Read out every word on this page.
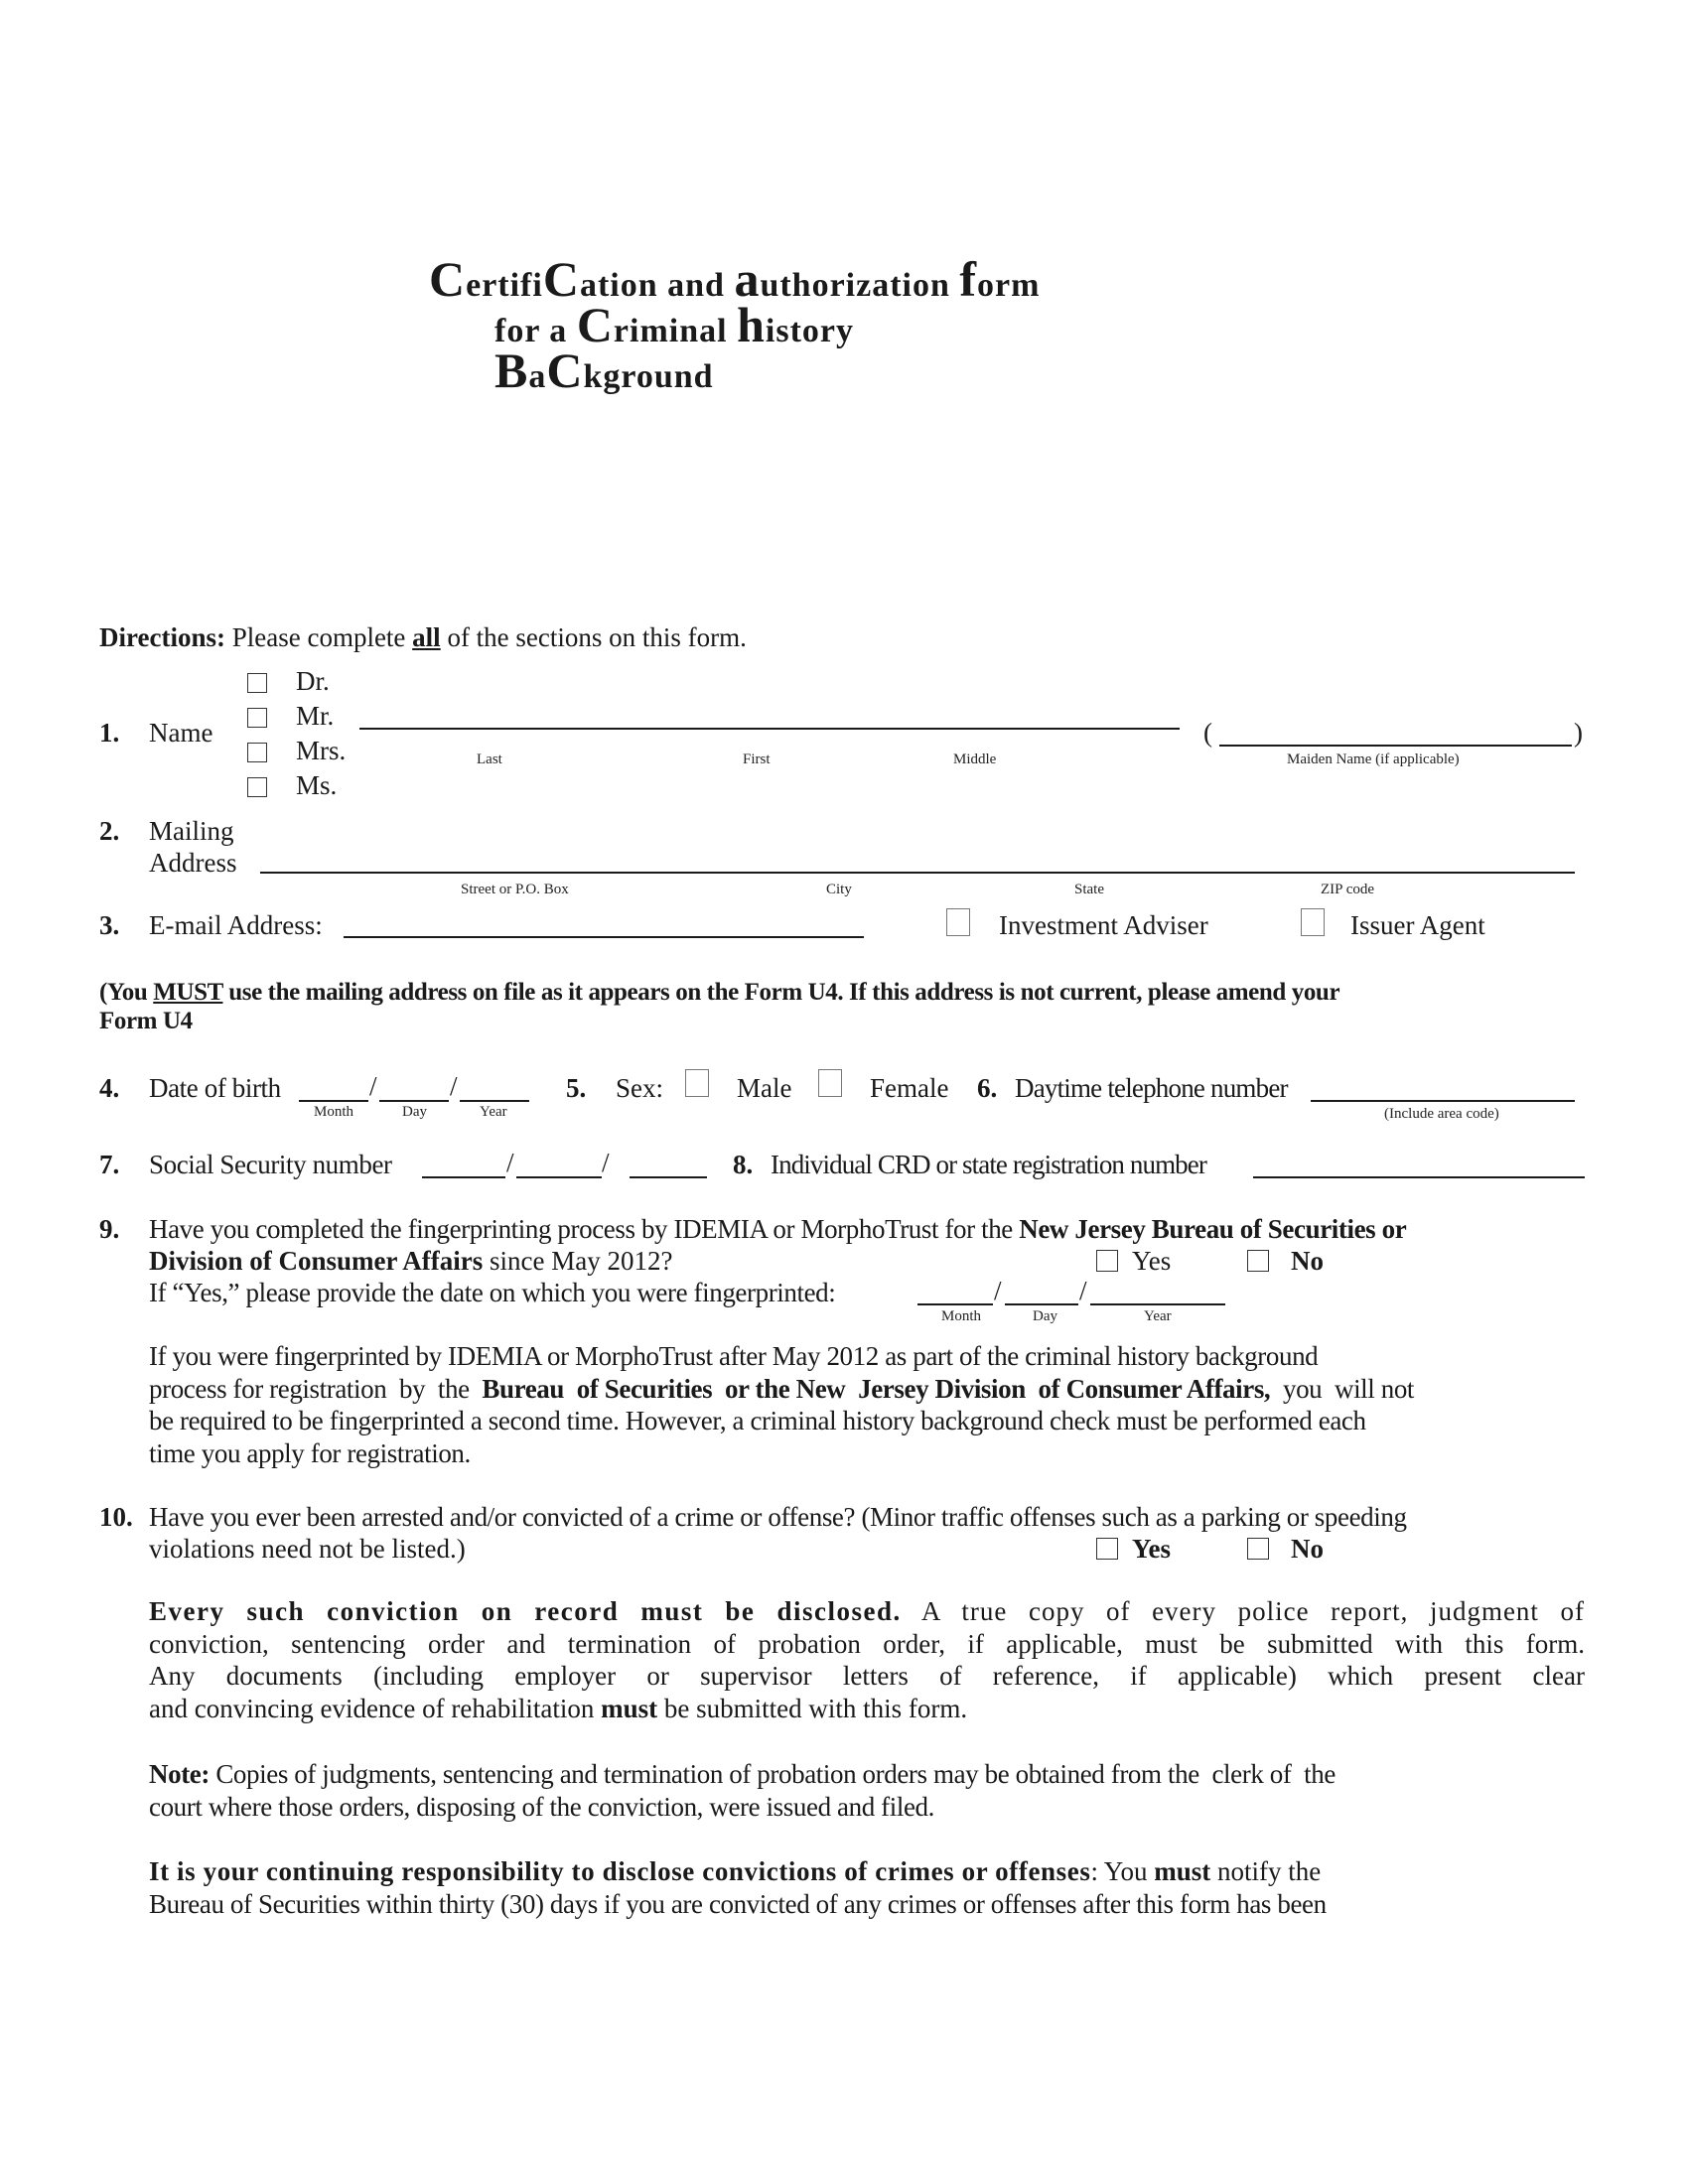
CertifiCation and authorization form
for a Criminal history
BaCkground
Directions: Please complete all of the sections on this form.
1. Name
Dr.
Mr.
Mrs.
Ms.
Last	First	Middle
(	)
Maiden Name (if applicable)
2. Mailing
Address
Street or P.O. Box	City	State	ZIP code
3. E-mail Address:	Investment Adviser	Issuer Agent
(You MUST use the mailing address on file as it appears on the Form U4. If this address is not current, please amend your
Form U4
4. Date of birth	/	/
Month	Day	Year
5. Sex:	Male	Female 6. Daytime telephone number
(Include area code)
7. Social Security number	/	/	8. Individual CRD or state registration number
9. Have you completed the fingerprinting process by IDEMIA or MorphoTrust for the New Jersey Bureau of Securities or
Division of Consumer Affairs since May 2012?	Yes	No
If “Yes,” please provide the date on which you were fingerprinted:	/	/
Month	Day	Year
If you were fingerprinted by IDEMIA or MorphoTrust after May 2012 as part of the criminal history background
process for registration  by  the  Bureau  of Securities  or the New  Jersey Division  of Consumer Affairs,  you  will not
be required to be fingerprinted a second time. However, a criminal history background check must be performed each
time you apply for registration.
10. Have you ever been arrested and/or convicted of a crime or offense? (Minor traffic offenses such as a parking or speeding
violations need not be listed.)	Yes	No
Every such conviction on record must be disclosed. A true copy of every police report, judgment of
conviction, sentencing order and termination of probation order, if applicable, must be submitted with this form.
Any documents (including employer or supervisor letters of reference, if applicable) which present clear
and convincing evidence of rehabilitation must be submitted with this form.
Note: Copies of judgments, sentencing and termination of probation orders may be obtained from the  clerk of  the
court where those orders, disposing of the conviction, were issued and filed.
It is your continuing responsibility to disclose convictions of crimes or offenses: You must notify the
Bureau of Securities within thirty (30) days if you are convicted of any crimes or offenses after this form has been
